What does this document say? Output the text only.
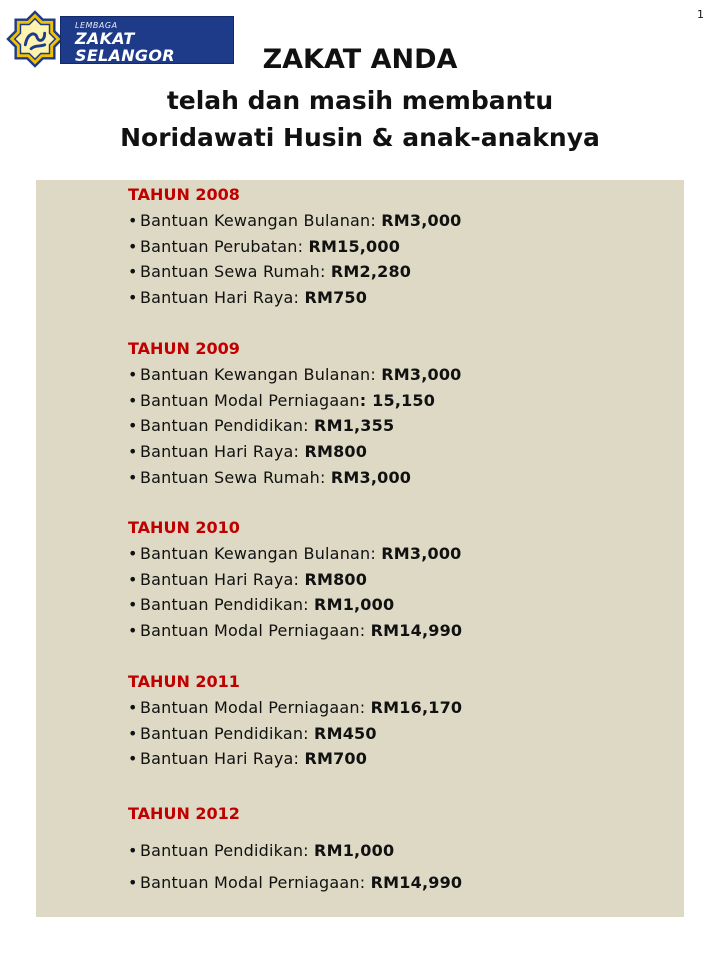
1
LEMBAGA
ZAKAT SELANGOR
MAJLIS AGAMA ISLAM SELANGOR	ZAKAT ANDA
telah dan masih membantu
Noridawati Husin & anak-anaknya
TAHUN 2008
• Bantuan Kewangan Bulanan: RM3,000
• Bantuan Perubatan: RM15,000
• Bantuan Sewa Rumah: RM2,280
• Bantuan Hari Raya: RM750
TAHUN 2009
• Bantuan Kewangan Bulanan: RM3,000
• Bantuan Modal Perniagaan: 15,150
• Bantuan Pendidikan: RM1,355
• Bantuan Hari Raya: RM800
• Bantuan Sewa Rumah: RM3,000
TAHUN 2010
• Bantuan Kewangan Bulanan: RM3,000
• Bantuan Hari Raya: RM800
• Bantuan Pendidikan: RM1,000
• Bantuan Modal Perniagaan: RM14,990
TAHUN 2011
• Bantuan Modal Perniagaan: RM16,170
• Bantuan Pendidikan: RM450
• Bantuan Hari Raya: RM700
TAHUN 2012
• Bantuan Pendidikan: RM1,000
• Bantuan Modal Perniagaan: RM14,990
